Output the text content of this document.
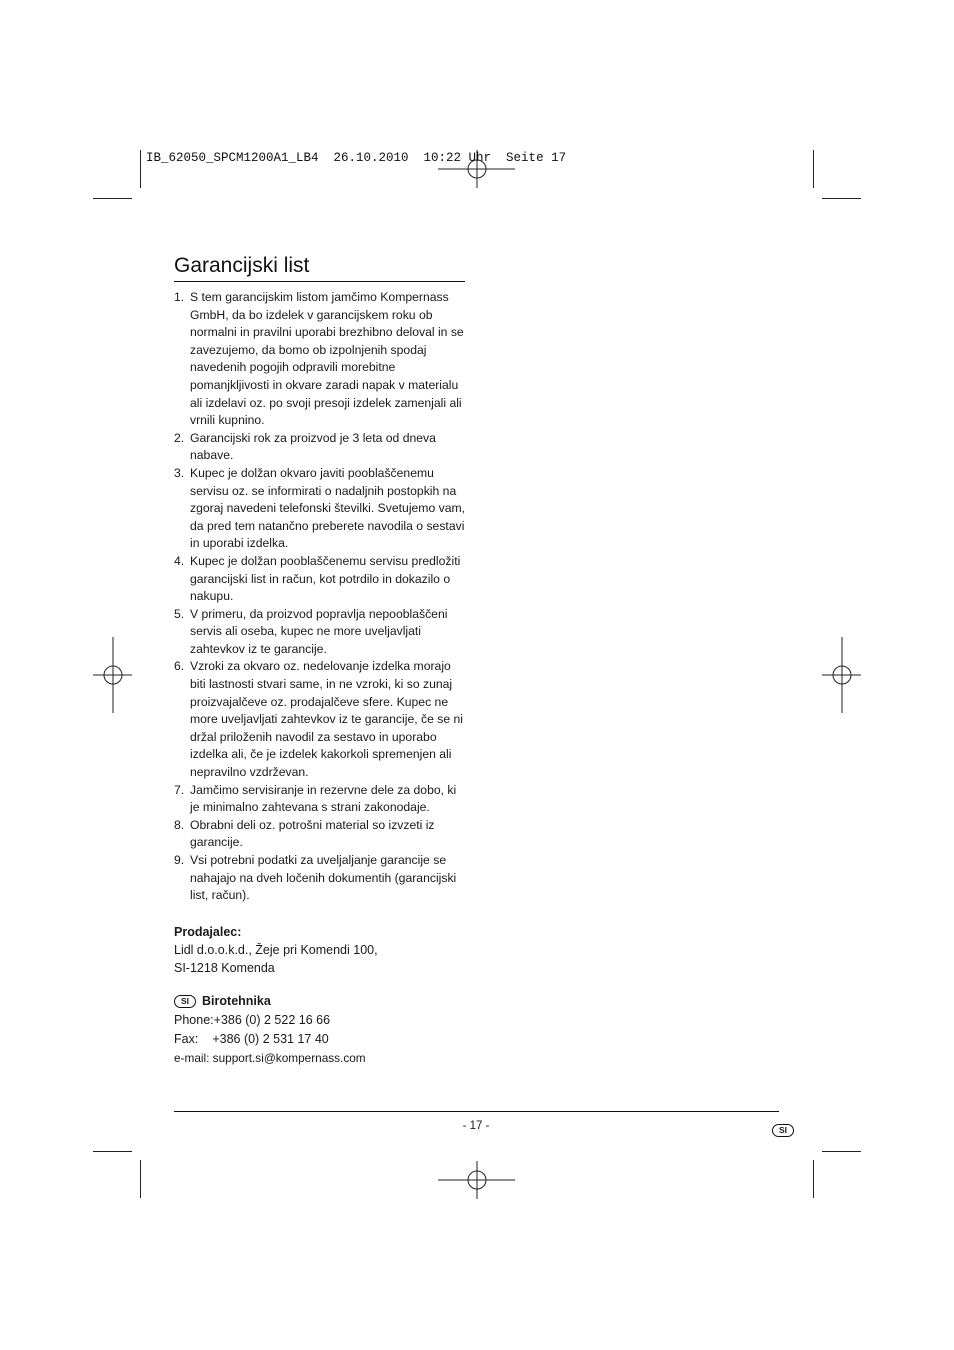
IB_62050_SPCM1200A1_LB4  26.10.2010  10:22 Uhr  Seite 17
Garancijski list
1. S tem garancijskim listom jamčimo Kompernass GmbH, da bo izdelek v garancijskem roku ob normalni in pravilni uporabi brezhibno deloval in se zavezujemo, da bomo ob izpolnjenih spodaj navedenih pogojih odpravili morebitne pomanjkljivosti in okvare zaradi napak v materialu ali izdelavi oz. po svoji presoji izdelek zamenjali ali vrnili kupnino.
2. Garancijski rok za proizvod je 3 leta od dneva nabave.
3. Kupec je dolžan okvaro javiti pooblaščenemu servisu oz. se informirati o nadaljnih postopkih na zgoraj navedeni telefonski številki. Svetujemo vam, da pred tem natančno preberete navodila o sestavi in uporabi izdelka.
4. Kupec je dolžan pooblaščenemu servisu predložiti garancijski list in račun, kot potrdilo in dokazilo o nakupu.
5. V primeru, da proizvod popravlja nepooblaščeni servis ali oseba, kupec ne more uveljavljati zahtevkov iz te garancije.
6. Vzroki za okvaro oz. nedelovanje izdelka morajo biti lastnosti stvari same, in ne vzroki, ki so zunaj proizvajalčeve oz. prodajalčeve sfere. Kupec ne more uveljavljati zahtevkov iz te garancije, če se ni držal priloženih navodil za sestavo in uporabo izdelka ali, če je izdelek kakorkoli spremenjen ali nepravilno vzdrževan.
7. Jamčimo servisiranje in rezervne dele za dobo, ki je minimalno zahtevana s strani zakonodaje.
8. Obrabni deli oz. potrošni material so izvzeti iz garancije.
9. Vsi potrebni podatki za uveljaljanje garancije se nahajajo na dveh ločenih dokumentih (garancijski list, račun).
Prodajalec:
Lidl d.o.o.k.d., Žeje pri Komendi 100,
SI-1218 Komenda
SI Birotehnika
Phone:+386 (0) 2 522 16 66
Fax: +386 (0) 2 531 17 40
e-mail: support.si@kompernass.com
- 17 -	SI
